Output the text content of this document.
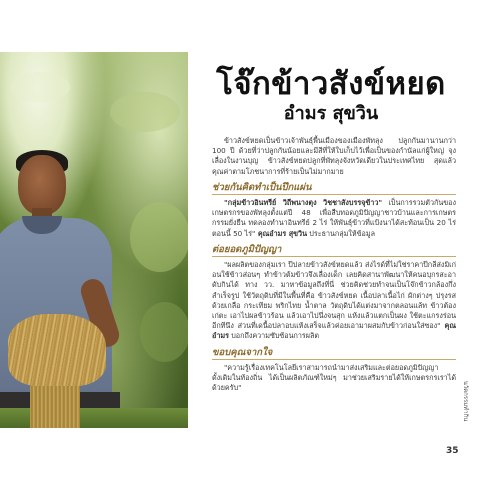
โจ๊กข้าวสังข์หยด
อำมร สุขวิน

ข้าวสังข์หยดเป็นข้าวเจ้าพันธุ์พื้นเมืองของเมืองพัทลุง ปลูกกันมานานกว่า 100 ปี ด้วยที่ว่าปลูกกันน้อยและมีสีที่ให้ใบเก็บไว้เพื่อเป็นของกำนัลแก่ผู้ใหญ่ จุงเลื่องในงานบุญ ข้าวสังข์หยดปลูกที่พัทลุงจังหวัดเดียวในประเทศไทย สุดแล้วคุณค่าตามโภชนาการที่ร้ายเป็นไม่มากมาย

ช่วยกันคิดทำเป็นปึกแผ่น

"กลุ่มข้าวอินทรีย์ วิถีพนางตุง วิชชาสังบรรจุข้าว" เป็นการรวมตัวกันของเกษตรกรของพัทลุงตั้งแต่ปี 48 เพื่อสืบทอดภูมิปัญญาชาวบ้านและการเกษตรกรรมยั่งยืน ทดลองทำนาอินทรีย์ 2 ไร่ ให้พันธุ์ข้าวที่แป้งนาได้สะท้อนเป็น 20 ไร่ ตอนนี้ 50 ไร่" คุณอำมร สุขวิน ประธานกลุ่มให้ข้อมูล

ต่อยอดภูมิปัญญา

"ผลผลิตของกลุ่มเรา ปีปลายข้าวสังข์หยดแล้ว ส่งไรด์ที่ไม่ใช่ราคาปีกลีส่งมิเก่อนใช้ข้าวส่อนๆ ทำข้าวต้มข้าวจึงเลื่องเด็ก เลยคิดสานาพัฒนาให้คนอบุกรสะอาดับกินได้ ทาง วว. มาหาข้อมูลถึงที่นี่ ช่วยคิดช่วยทำจนเป็นโจ๊กข้าวกล้องกึ่งสำเร็จรูป ใช้วัตถุดิบที่มีในพื้นที่คือ ข้าวสังข์หยด เนื้อปลาเนื้อไก่ ผักต่างๆ ปรุงรสด้วยเกลือ กระเทียม พริกไทย น้ำตาล วัตถุดิบได้แต่งมาจากตลอนแล้ท ข้าวต้องเก่ตะ เอาไปผลข้าวร้อน แล้วเอาไปนึ่งจนสุก แห้งแล้วแตกเป็นผง ใช้ตะแกรงร่อนอีกทีนึง ส่วนที่เดนื้อปลาอบแห้งเสร็จแล้วค่อยเอามาผสมกับข้าวก่อนใส่ซอง" คุณอำมร บอกถึงความซับซ้อนการผลิต

ขอบคุณจากใจ

"ความรู้เรื่องเทคโนโลยีเราสามารถนำมาส่งเสริมและต่อยอดภูมิปัญญาดั้งเดิมในท้องถิ่น ได้เป็นผลิตภัณฑ์ใหม่ๆ มาช่วยเสริมรายได้ให้เกษตรกรเราได้ด้วยครับ"	นวัตกรรมทำกิน
35
